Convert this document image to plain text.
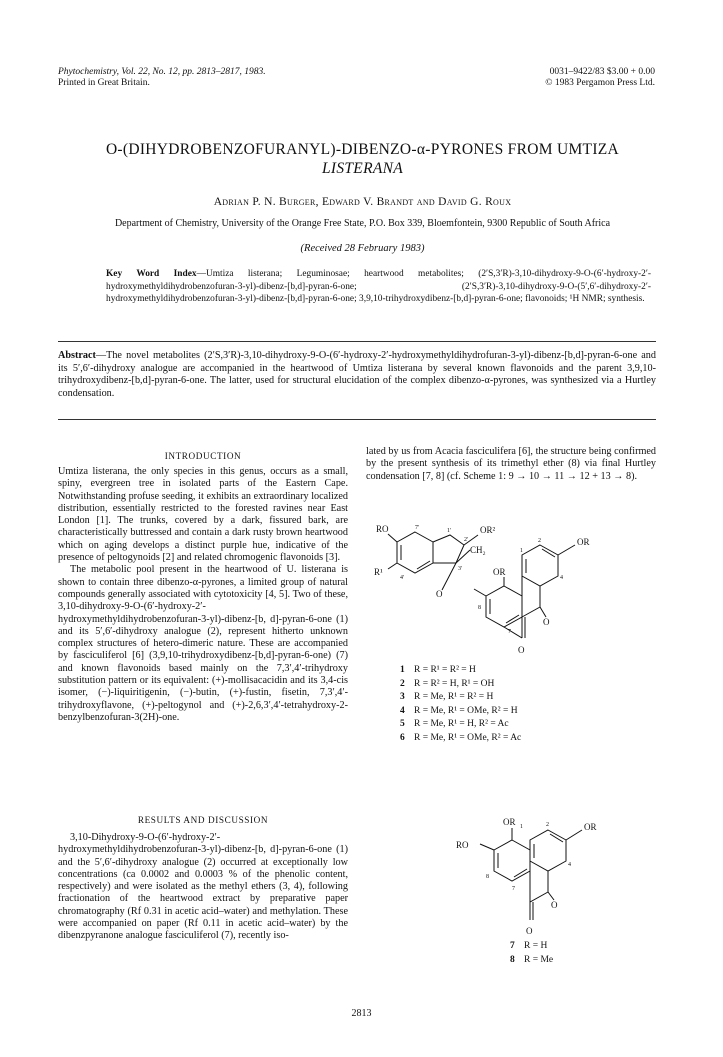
Phytochemistry, Vol. 22, No. 12, pp. 2813–2817, 1983.
Printed in Great Britain.
0031–9422/83 $3.00 + 0.00
© 1983 Pergamon Press Ltd.
O-(DIHYDROBENZOFURANYL)-DIBENZO-α-PYRONES FROM UMTIZA
LISTERANA
Adrian P. N. Burger, Edward V. Brandt and David G. Roux
Department of Chemistry, University of the Orange Free State, P.O. Box 339, Bloemfontein, 9300 Republic of South Africa
(Received 28 February 1983)
Key Word Index—Umtiza listerana; Leguminosae; heartwood metabolites; (2′S,3′R)-3,10-dihydroxy-9-O-(6′-hydroxy-2′-hydroxymethyldihydrobenzofuran-3-yl)-dibenz-[b,d]-pyran-6-one; (2′S,3′R)-3,10-dihydroxy-9-O-(5′,6′-dihydroxy-2′-hydroxymethyldihydrobenzofuran-3-yl)-dibenz-[b,d]-pyran-6-one; 3,9,10-trihydroxydibenz-[b,d]-pyran-6-one; flavonoids; ¹H NMR; synthesis.
Abstract—The novel metabolites (2′S,3′R)-3,10-dihydroxy-9-O-(6′-hydroxy-2′-hydroxymethyldihydrofuran-3-yl)-dibenz-[b,d]-pyran-6-one and its 5′,6′-dihydroxy analogue are accompanied in the heartwood of Umtiza listerana by several known flavonoids and the parent 3,9,10-trihydroxydibenz-[b,d]-pyran-6-one. The latter, used for structural elucidation of the complex dibenzo-α-pyrones, was synthesized via a Hurtley condensation.
INTRODUCTION

Umtiza listerana, the only species in this genus, occurs as a small, spiny, evergreen tree in isolated parts of the Eastern Cape. Notwithstanding profuse seeding, it exhibits an extraordinary localized distribution, essentially restricted to the forested ravines near East London [1]. The trunks, covered by a dark, fissured bark, are characteristically buttressed and contain a dark rusty brown heartwood which on aging develops a distinct purple hue, indicative of the presence of peltogynoids [2] and related chromogenic flavonoids [3].

The metabolic pool present in the heartwood of U. listerana is shown to contain three dibenzo-α-pyrones, a limited group of natural compounds generally associated with cytotoxicity [4, 5]. Two of these, 3,10-dihydroxy-9-O-(6′-hydroxy-2′-hydroxymethyldihydrobenzofuran-3-yl)-dibenz-[b, d]-pyran-6-one (1) and its 5′,6′-dihydroxy analogue (2), represent hitherto unknown complex structures of hetero-dimeric nature. These are accompanied by fasciculiferol [6] (3,9,10-trihydroxydibenz-[b,d]-pyran-6-one) (7) and known flavonoids based mainly on the 7,3′,4′-trihydroxy substitution pattern or its equivalent: (+)-mollisacacidin and its 3,4-cis isomer, (−)-liquiritigenin, (−)-butin, (+)-fustin, fisetin, 7,3′,4′-trihydroxyflavone, (+)-peltogynol and (+)-2,6,3′,4′-tetrahydroxy-2-benzylbenzofuran-3(2H)-one.

RESULTS AND DISCUSSION

3,10-Dihydroxy-9-O-(6′-hydroxy-2′-hydroxymethyldihydrobenzofuran-3-yl)-dibenz-[b, d]-pyran-6-one (1) and the 5′,6′-dihydroxy analogue (2) occurred at exceptionally low concentrations (ca 0.0002 and 0.0003 % of the phenolic content, respectively) and were isolated as the methyl ethers (3, 4), following fractionation of the heartwood extract by preparative paper chromatography (Rf 0.31 in acetic acid–water) and methylation. These were accompanied on paper (Rf 0.11 in acetic acid–water) by the dibenzpyranone analogue fasciculiferol (7), recently iso-

lated by us from Acacia fasciculifera [6], the structure being confirmed by the present synthesis of its trimethyl ether (8) via final Hurtley condensation [7, 8] (cf. Scheme 1: 9 → 10 → 11 → 12 + 13 → 8).

RO
R¹
OR²
CH₂
OR
OR
O
O
O
1′
7′
2′
3′
4′
2
1
4
8
7
1 R = R¹ = R² = H
2 R = R² = H, R¹ = OH
3 R = Me, R¹ = R² = H
4 R = Me, R¹ = OMe, R² = H
5 R = Me, R¹ = H, R² = Ac
6 R = Me, R¹ = OMe, R² = Ac
OR	OR
RO
O
O
1	2
4
8
7
7 R = H
8 R = Me
2813
